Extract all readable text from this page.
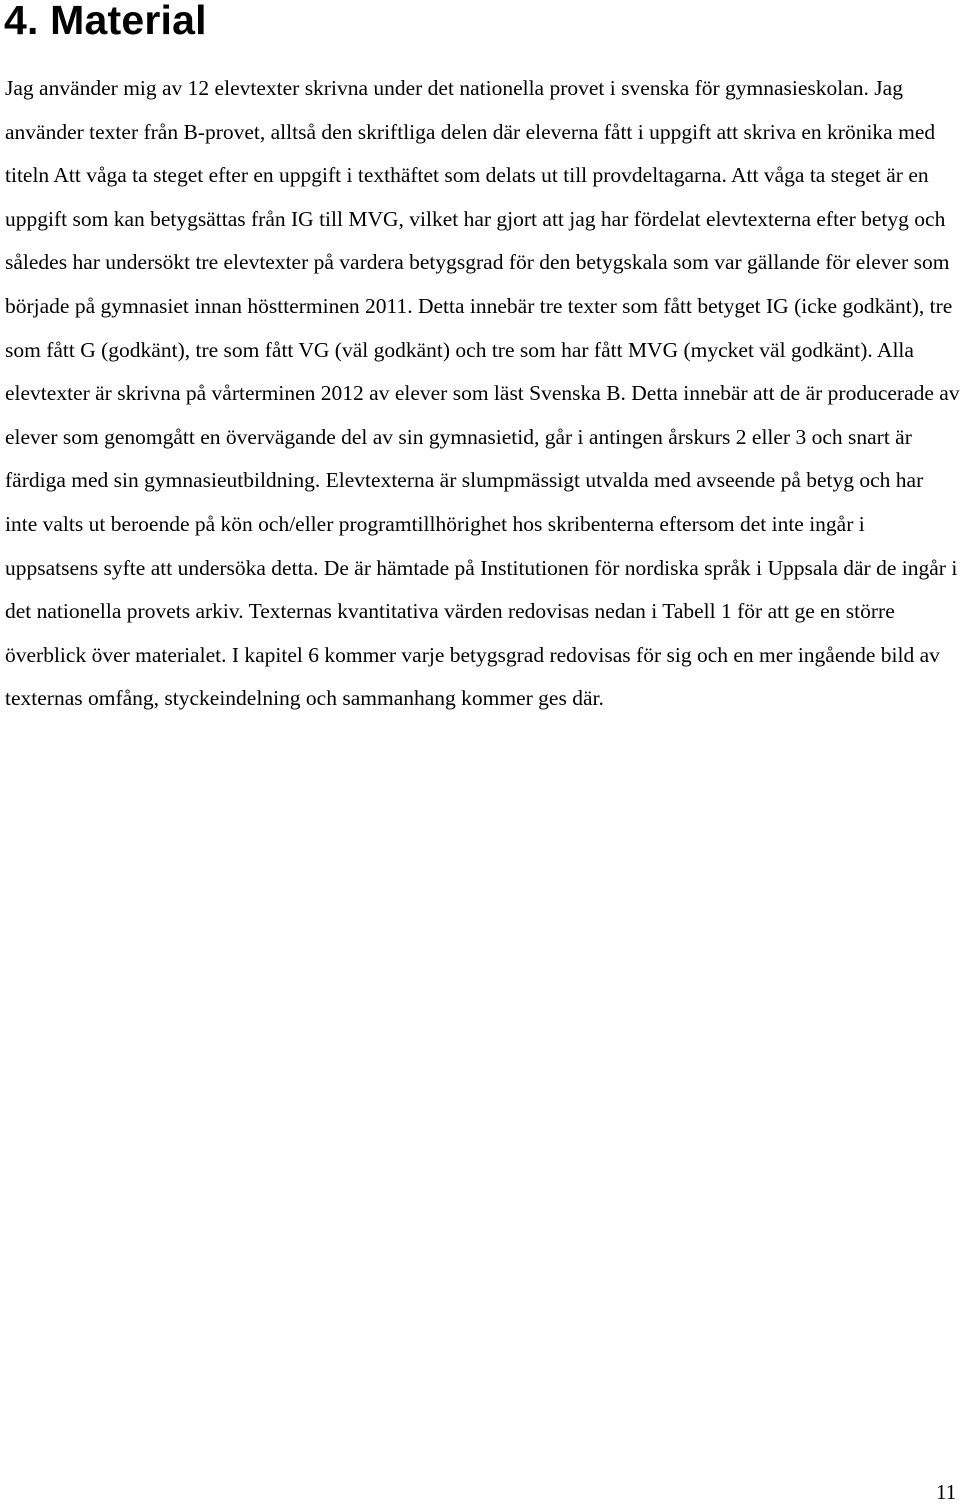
4. Material

Jag använder mig av 12 elevtexter skrivna under det nationella provet i svenska för gymnasieskolan. Jag använder texter från B-provet, alltså den skriftliga delen där eleverna fått i uppgift att skriva en krönika med titeln Att våga ta steget efter en uppgift i texthäftet som delats ut till provdeltagarna. Att våga ta steget är en uppgift som kan betygsättas från IG till MVG, vilket har gjort att jag har fördelat elevtexterna efter betyg och således har undersökt tre elevtexter på vardera betygsgrad för den betygskala som var gällande för elever som började på gymnasiet innan höstterminen 2011. Detta innebär tre texter som fått betyget IG (icke godkänt), tre som fått G (godkänt), tre som fått VG (väl godkänt) och tre som har fått MVG (mycket väl godkänt). Alla elevtexter är skrivna på vårterminen 2012 av elever som läst Svenska B. Detta innebär att de är producerade av elever som genomgått en övervägande del av sin gymnasietid, går i antingen årskurs 2 eller 3 och snart är färdiga med sin gymnasieutbildning. Elevtexterna är slumpmässigt utvalda med avseende på betyg och har inte valts ut beroende på kön och/eller programtillhörighet hos skribenterna eftersom det inte ingår i uppsatsens syfte att undersöka detta. De är hämtade på Institutionen för nordiska språk i Uppsala där de ingår i det nationella provets arkiv. Texternas kvantitativa värden redovisas nedan i Tabell 1 för att ge en större överblick över materialet. I kapitel 6 kommer varje betygsgrad redovisas för sig och en mer ingående bild av texternas omfång, styckeindelning och sammanhang kommer ges där.

11
